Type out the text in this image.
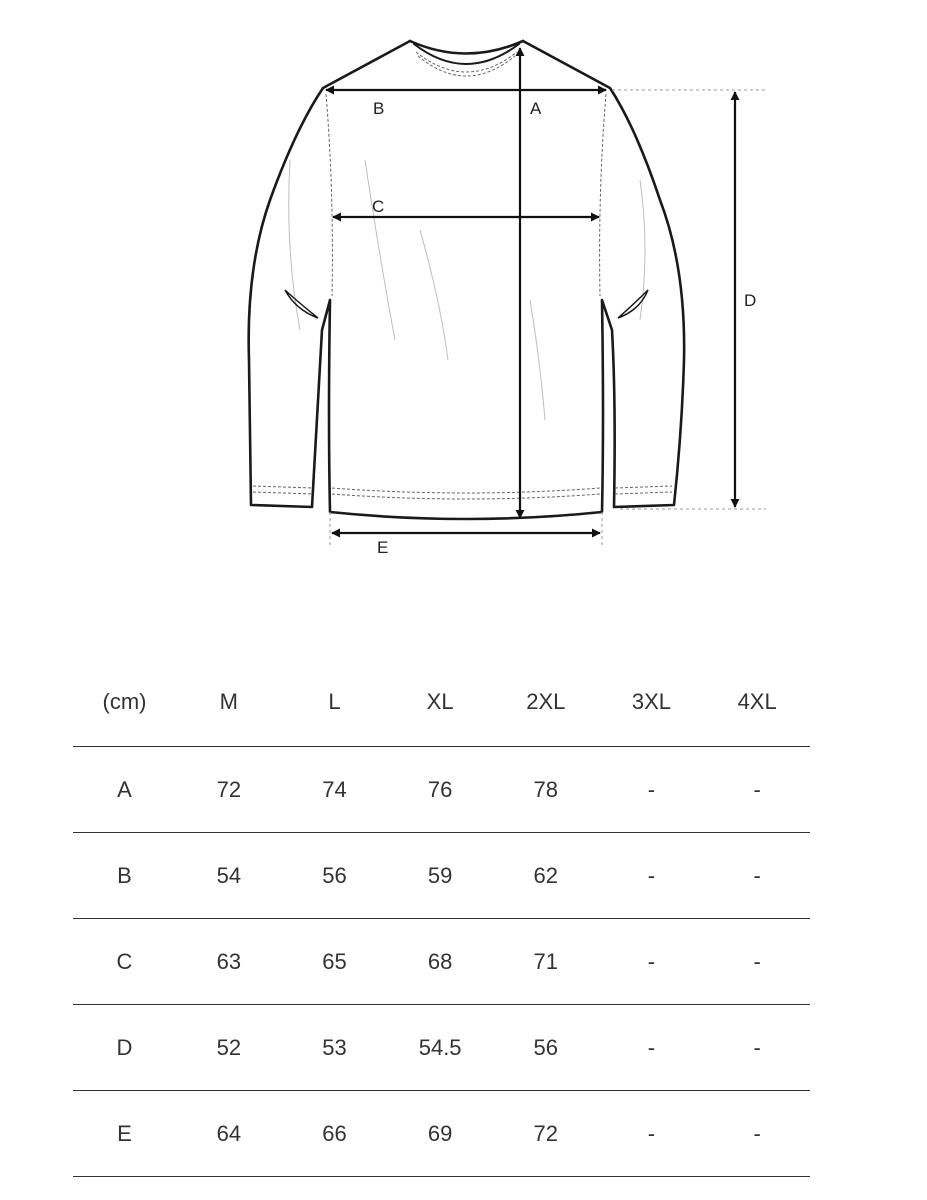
A
B
C
D
E
(cm)	M	L	XL	2XL	3XL	4XL
A	72	74	76	78	-	-
B	54	56	59	62	-	-
C	63	65	68	71	-	-
D	52	53	54.5	56	-	-
E	64	66	69	72	-	-
